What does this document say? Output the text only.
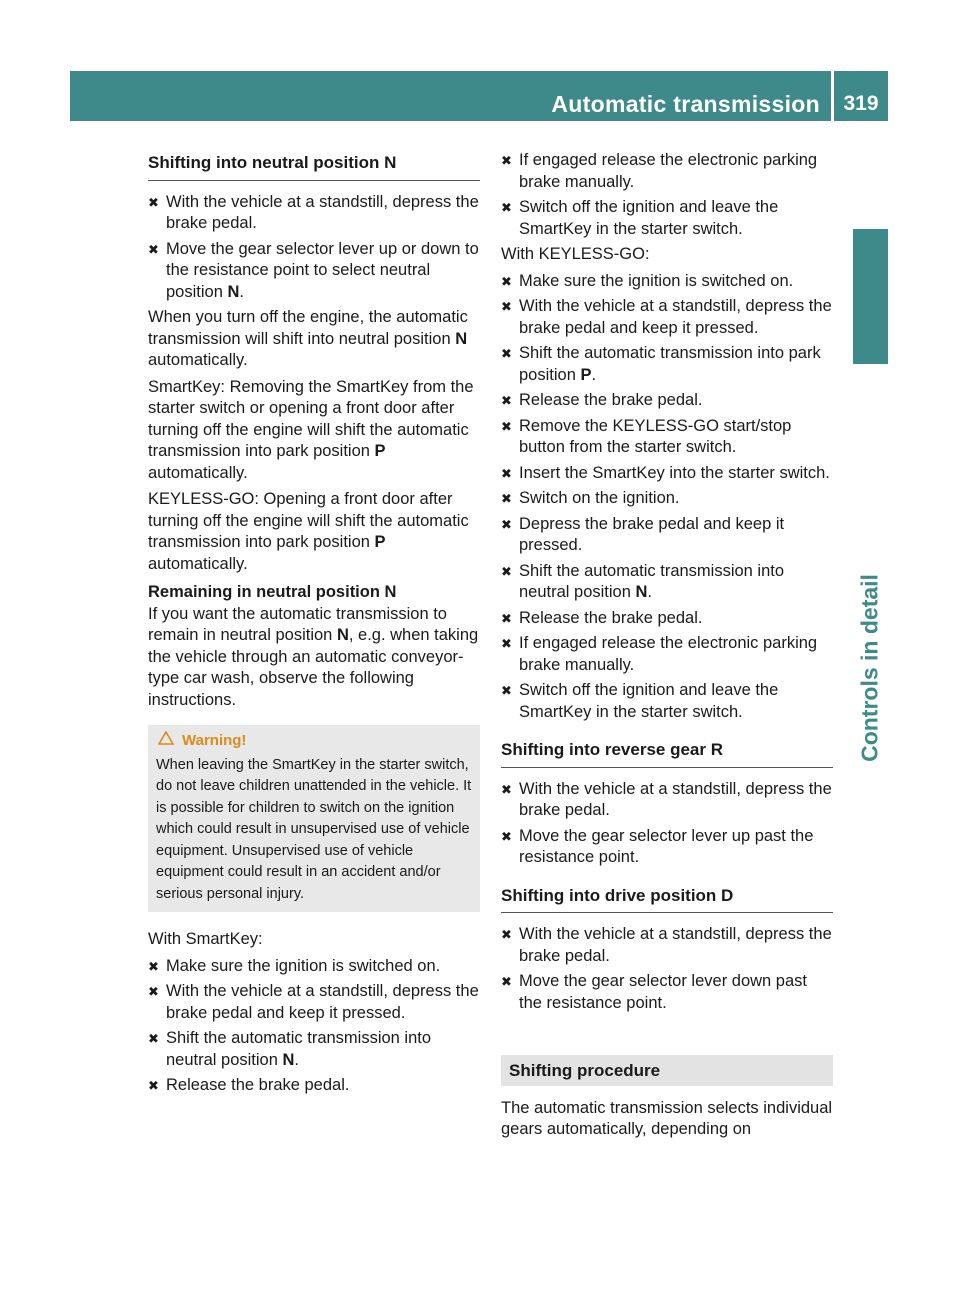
Automatic transmission	319
Controls in detail
Shifting into neutral position N
✖ With the vehicle at a standstill, depress the brake pedal.
✖ Move the gear selector lever up or down to the resistance point to select neutral position N.
When you turn off the engine, the automatic transmission will shift into neutral position N automatically.
SmartKey: Removing the SmartKey from the starter switch or opening a front door after turning off the engine will shift the automatic transmission into park position P automatically.
KEYLESS-GO: Opening a front door after turning off the engine will shift the automatic transmission into park position P automatically.
Remaining in neutral position N
If you want the automatic transmission to remain in neutral position N, e.g. when taking the vehicle through an automatic conveyor-type car wash, observe the following instructions.
Warning!
When leaving the SmartKey in the starter switch, do not leave children unattended in the vehicle. It is possible for children to switch on the ignition which could result in unsupervised use of vehicle equipment. Unsupervised use of vehicle equipment could result in an accident and/or serious personal injury.
With SmartKey:
✖ Make sure the ignition is switched on.
✖ With the vehicle at a standstill, depress the brake pedal and keep it pressed.
✖ Shift the automatic transmission into neutral position N.
✖ Release the brake pedal.
✖ If engaged release the electronic parking brake manually.
✖ Switch off the ignition and leave the SmartKey in the starter switch.
With KEYLESS-GO:
✖ Make sure the ignition is switched on.
✖ With the vehicle at a standstill, depress the brake pedal and keep it pressed.
✖ Shift the automatic transmission into park position P.
✖ Release the brake pedal.
✖ Remove the KEYLESS-GO start/stop button from the starter switch.
✖ Insert the SmartKey into the starter switch.
✖ Switch on the ignition.
✖ Depress the brake pedal and keep it pressed.
✖ Shift the automatic transmission into neutral position N.
✖ Release the brake pedal.
✖ If engaged release the electronic parking brake manually.
✖ Switch off the ignition and leave the SmartKey in the starter switch.
Shifting into reverse gear R
✖ With the vehicle at a standstill, depress the brake pedal.
✖ Move the gear selector lever up past the resistance point.
Shifting into drive position D
✖ With the vehicle at a standstill, depress the brake pedal.
✖ Move the gear selector lever down past the resistance point.
Shifting procedure
The automatic transmission selects individual gears automatically, depending on
